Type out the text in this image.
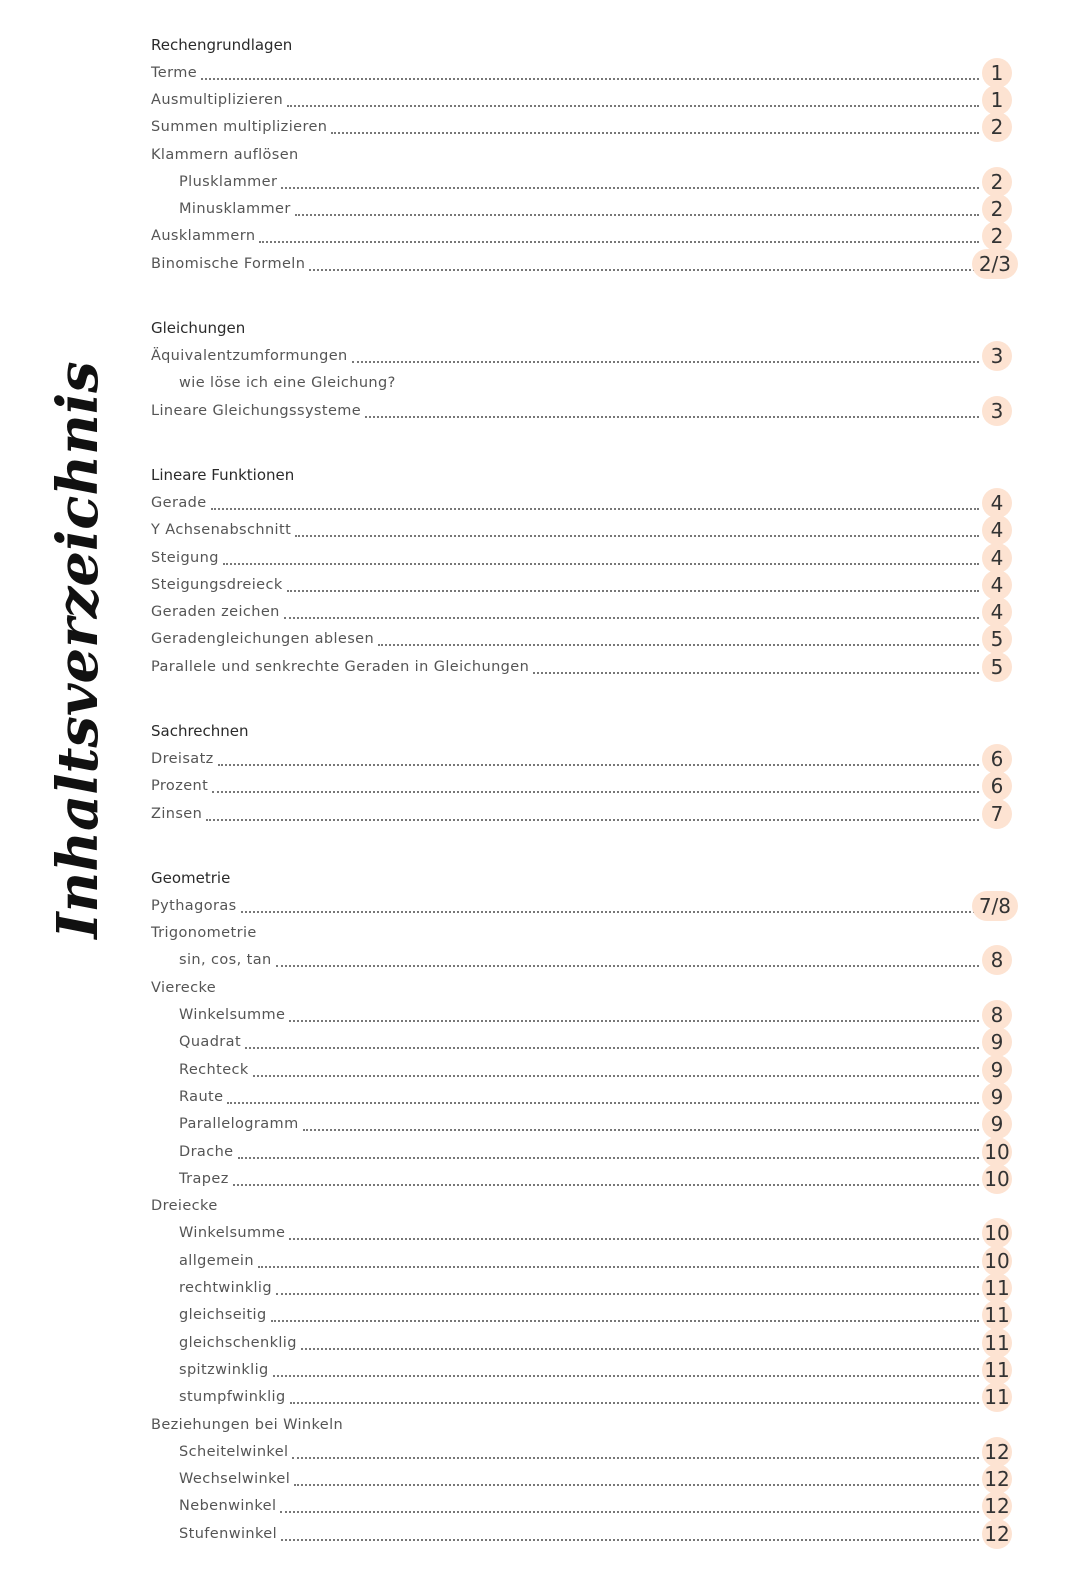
Inhaltsverzeichnis
Rechengrundlagen
Terme	1
Ausmultiplizieren	1
Summen multiplizieren	2
Klammern auflösen
Plusklammer	2
Minusklammer	2
Ausklammern	2
Binomische Formeln	2/3
Gleichungen
Äquivalentzumformungen	3
wie löse ich eine Gleichung?
Lineare Gleichungssysteme	3
Lineare Funktionen
Gerade	4
Y Achsenabschnitt	4
Steigung	4
Steigungsdreieck	4
Geraden zeichen	4
Geradengleichungen ablesen	5
Parallele und senkrechte Geraden in Gleichungen	5
Sachrechnen
Dreisatz	6
Prozent	6
Zinsen	7
Geometrie
Pythagoras	7/8
Trigonometrie
sin, cos, tan	8
Vierecke
Winkelsumme	8
Quadrat	9
Rechteck	9
Raute	9
Parallelogramm	9
Drache	10
Trapez	10
Dreiecke
Winkelsumme	10
allgemein	10
rechtwinklig	11
gleichseitig	11
gleichschenklig	11
spitzwinklig	11
stumpfwinklig	11
Beziehungen bei Winkeln
Scheitelwinkel	12
Wechselwinkel	12
Nebenwinkel	12
Stufenwinkel	12
